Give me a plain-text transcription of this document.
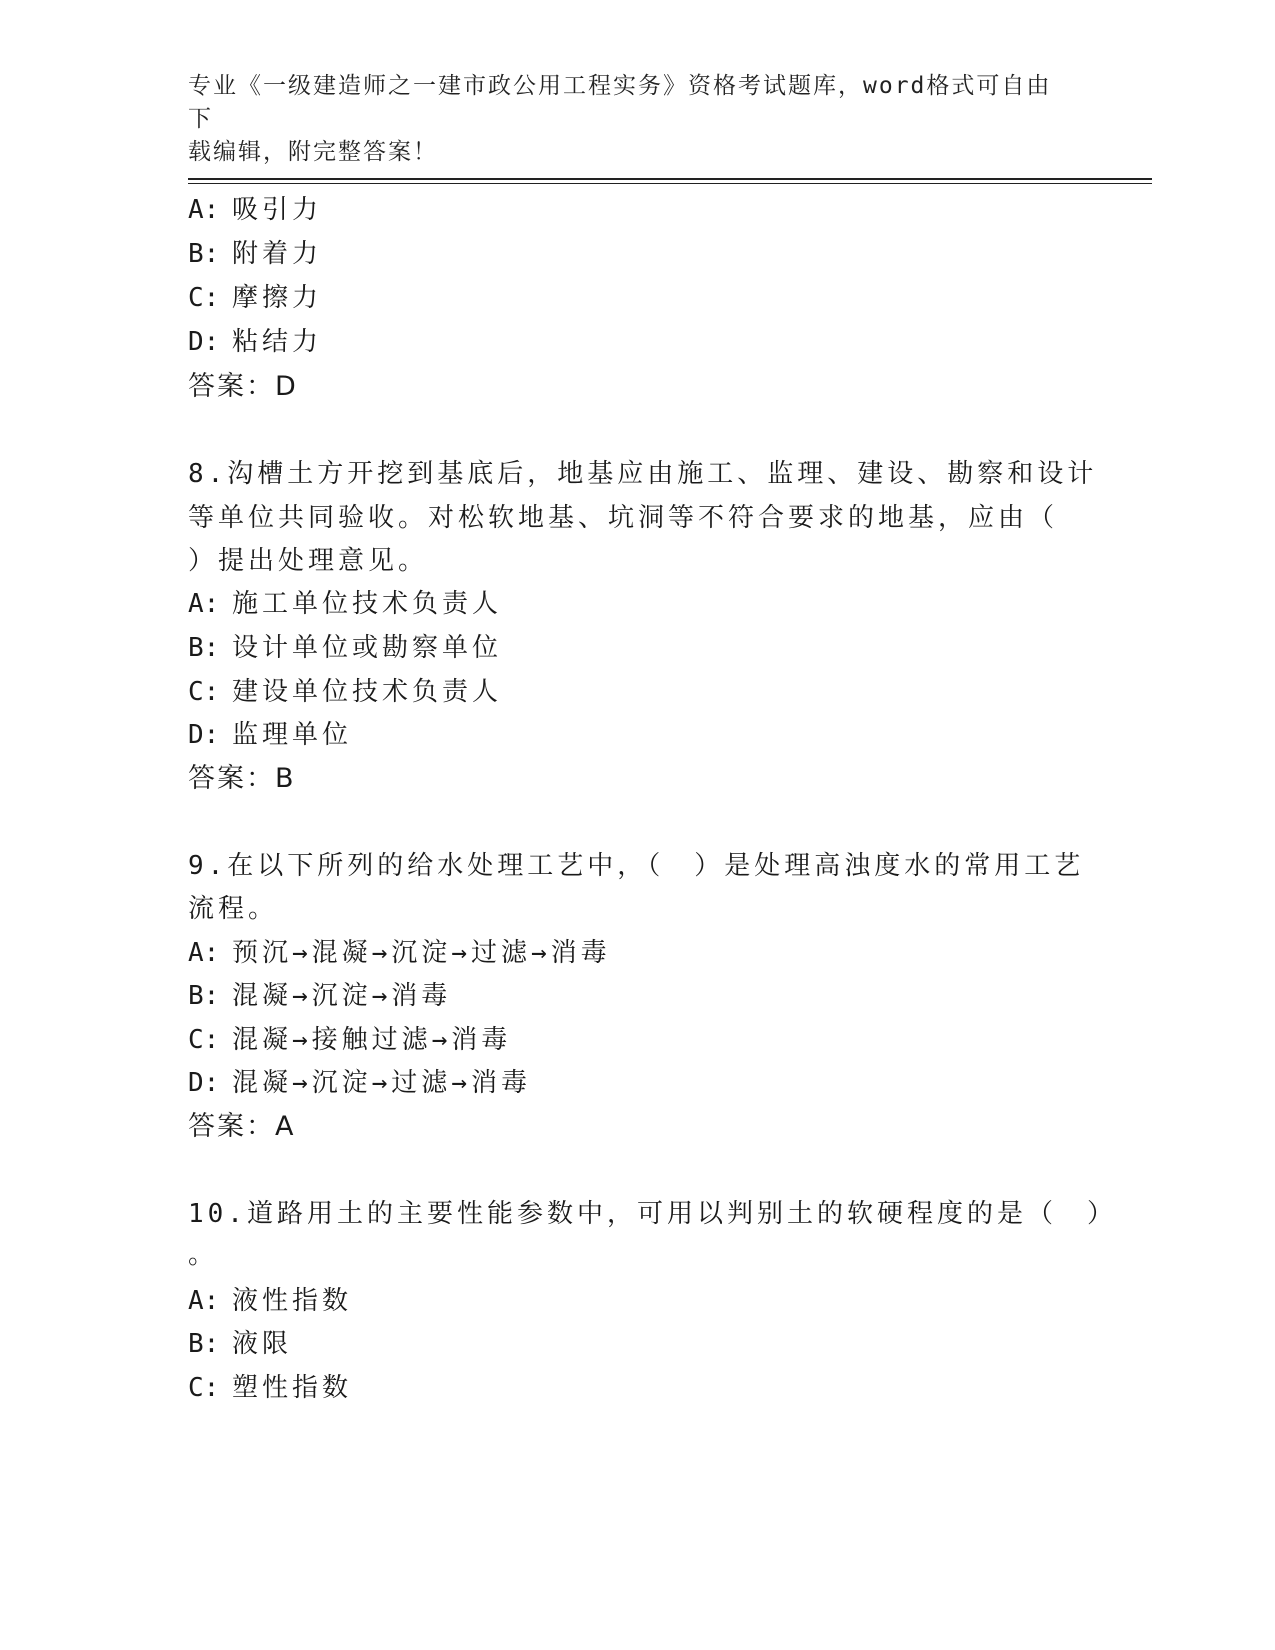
专业《一级建造师之一建市政公用工程实务》资格考试题库，word格式可自由下
载编辑，附完整答案！
A: 吸引力
B: 附着力
C: 摩擦力
D: 粘结力
答案：D
8.沟槽土方开挖到基底后，地基应由施工、监理、建设、勘察和设计
等单位共同验收。对松软地基、坑洞等不符合要求的地基，应由（
）提出处理意见。
A: 施工单位技术负责人
B: 设计单位或勘察单位
C: 建设单位技术负责人
D: 监理单位
答案：B
9.在以下所列的给水处理工艺中，（　）是处理高浊度水的常用工艺
流程。
A: 预沉→混凝→沉淀→过滤→消毒
B: 混凝→沉淀→消毒
C: 混凝→接触过滤→消毒
D: 混凝→沉淀→过滤→消毒
答案：A
10.道路用土的主要性能参数中，可用以判别土的软硬程度的是（　）
。
A: 液性指数
B: 液限
C: 塑性指数
